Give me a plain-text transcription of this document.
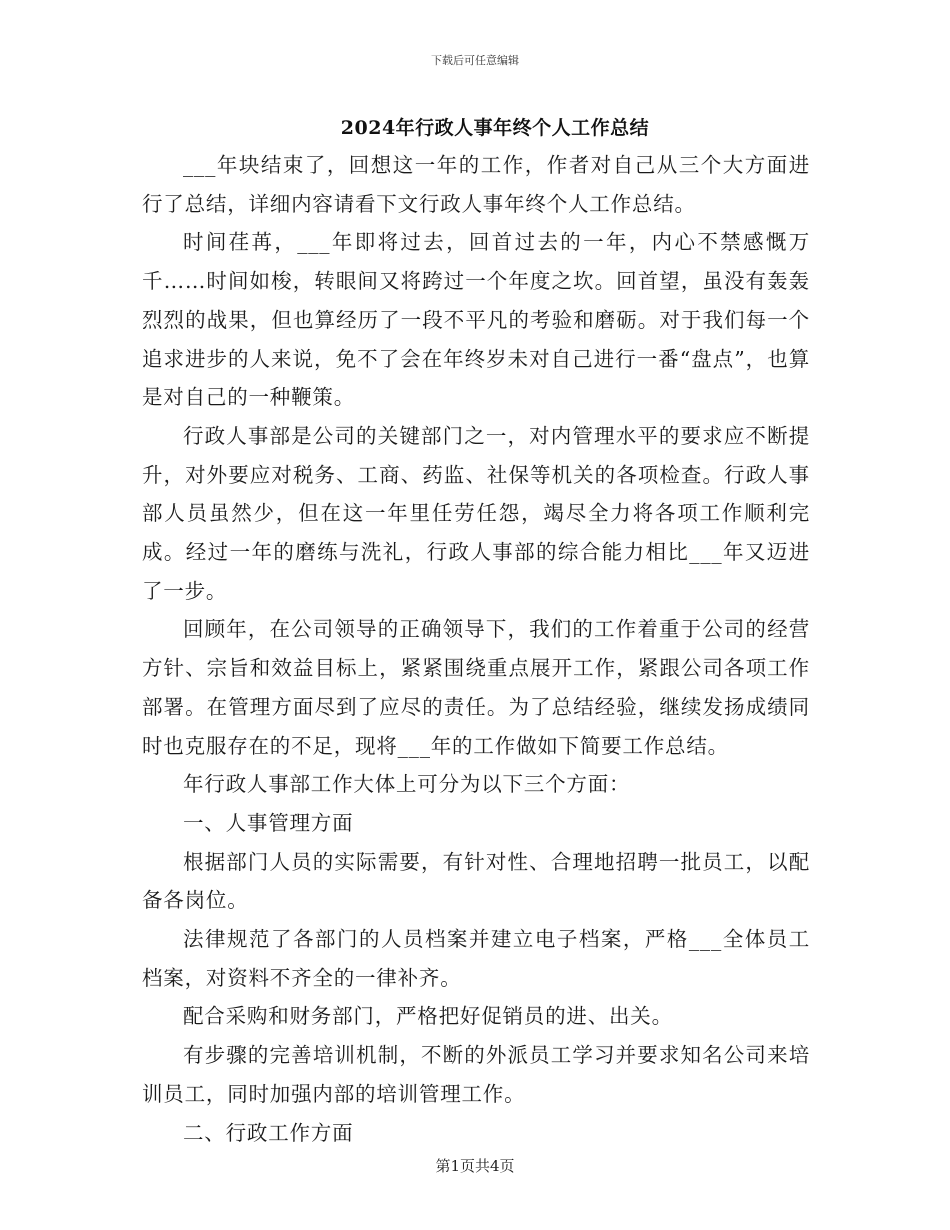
下载后可任意编辑
2024年行政人事年终个人工作总结

___年块结束了，回想这一年的工作，作者对自己从三个大方面进行了总结，详细内容请看下文行政人事年终个人工作总结。

时间荏苒，___年即将过去，回首过去的一年，内心不禁感慨万千……时间如梭，转眼间又将跨过一个年度之坎。回首望，虽没有轰轰烈烈的战果，但也算经历了一段不平凡的考验和磨砺。对于我们每一个追求进步的人来说，免不了会在年终岁未对自己进行一番“盘点”，也算是对自己的一种鞭策。

行政人事部是公司的关键部门之一，对内管理水平的要求应不断提升，对外要应对税务、工商、药监、社保等机关的各项检查。行政人事部人员虽然少，但在这一年里任劳任怨，竭尽全力将各项工作顺利完成。经过一年的磨练与洗礼，行政人事部的综合能力相比___年又迈进了一步。

回顾年，在公司领导的正确领导下，我们的工作着重于公司的经营方针、宗旨和效益目标上，紧紧围绕重点展开工作，紧跟公司各项工作部署。在管理方面尽到了应尽的责任。为了总结经验，继续发扬成绩同时也克服存在的不足，现将___年的工作做如下简要工作总结。

年行政人事部工作大体上可分为以下三个方面：

一、人事管理方面

根据部门人员的实际需要，有针对性、合理地招聘一批员工，以配备各岗位。

法律规范了各部门的人员档案并建立电子档案，严格___全体员工档案，对资料不齐全的一律补齐。

配合采购和财务部门，严格把好促销员的进、出关。

有步骤的完善培训机制，不断的外派员工学习并要求知名公司来培训员工，同时加强内部的培训管理工作。

二、行政工作方面

第1页共4页
